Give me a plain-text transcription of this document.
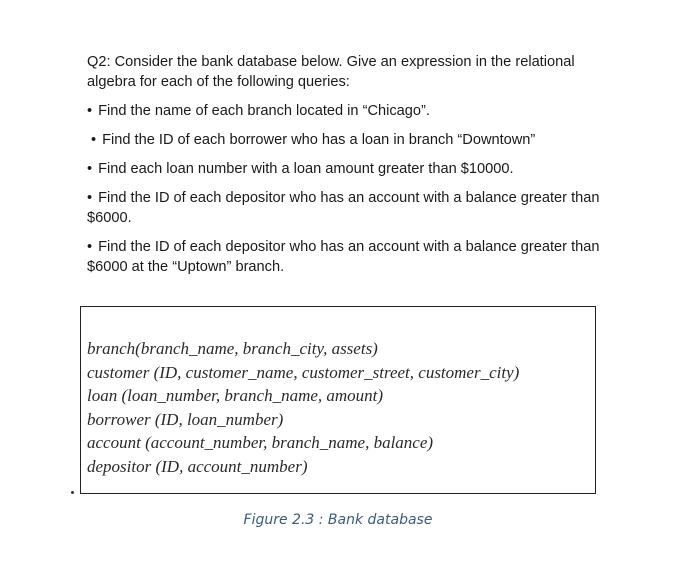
Q2: Consider the bank database below. Give an expression in the relational algebra for each of the following queries:

• Find the name of each branch located in “Chicago”.

• Find the ID of each borrower who has a loan in branch “Downtown”

• Find each loan number with a loan amount greater than $10000.

• Find the ID of each depositor who has an account with a balance greater than $6000.

• Find the ID of each depositor who has an account with a balance greater than $6000 at the “Uptown” branch.

branch(branch_name, branch_city, assets)
customer (ID, customer_name, customer_street, customer_city)
loan (loan_number, branch_name, amount)
borrower (ID, loan_number)
account (account_number, branch_name, balance)
depositor (ID, account_number)
Figure 2.3 : Bank database
